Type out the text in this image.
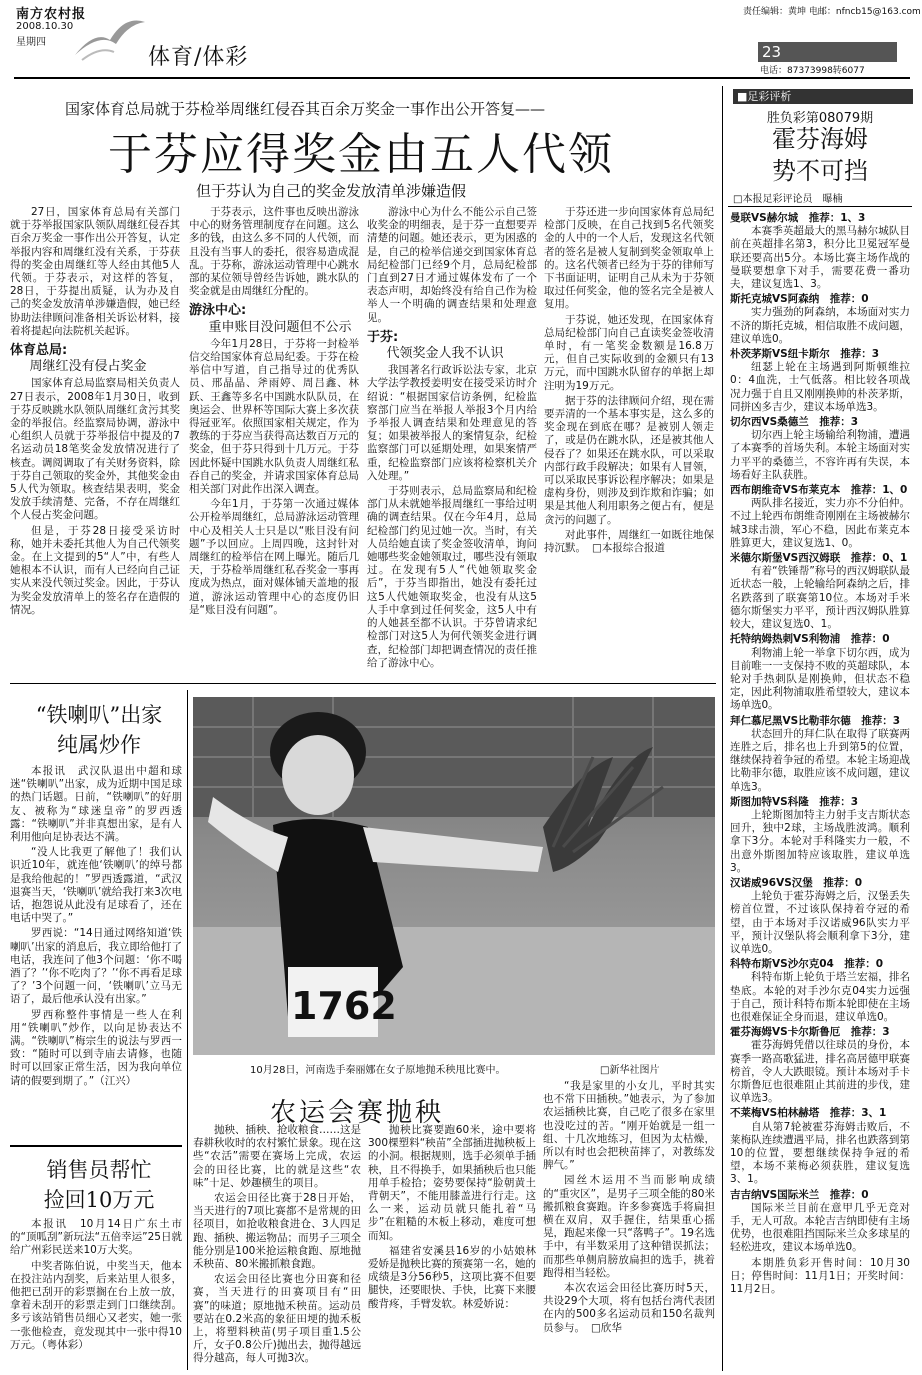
南方农村报
2008.10.30
星期四
体育/体彩
责任编辑：黄坤 电邮：nfncb15@163.com
23
电话：87373998转6077
国家体育总局就于芬检举周继红侵吞其百余万奖金一事作出公开答复——
于芬应得奖金由五人代领
但于芬认为自己的奖金发放清单涉嫌造假

27日，国家体育总局有关部门就于芬举报国家队领队周继红侵吞其百余万奖金一事作出公开答复，认定举报内容和周继红没有关系，于芬获得的奖金由周继红等人经由其他5人代领。于芬表示，对这样的答复，28日，于芬提出质疑，认为办及自己的奖金发放清单涉嫌造假，她已经协助法律顾问准备相关诉讼材料，接着将提起向法院机关起诉。

体育总局:
周继红没有侵占奖金

国家体育总局监察局相关负责人27日表示，2008年1月30日，收到于芬反映跳水队领队周继红贪污其奖金的举报信。经监察局协调，游泳中心组织人员就于芬举报信中提及的7名运动员18笔奖金发放情况进行了核查。调阅调取了有关财务资料，除于芬自己领取的奖金外，其他奖金由5人代为领取。核查结果表明，奖金发放手续清楚、完备，不存在周继红个人侵占奖金问题。

但是，于芬28日接受采访时称，她并未委托其他人为自己代领奖金。在上文提到的5“人”中，有些人她根本不认识，而有人已经向自己证实从来没代领过奖金。因此，于芬认为奖金发放清单上的签名存在造假的情况。

于芬表示，这件事也反映出游泳中心的财务管理制度存在问题。这么多的钱，由这么多不同的人代领，而且没有当事人的委托，很容易造成混乱。于芬称，游泳运动管理中心跳水部的某位领导曾经告诉她，跳水队的奖金就是由周继红分配的。

游泳中心:
重申账目没问题但不公示

今年1月28日，于芬将一封检举信交给国家体育总局纪委。于芬在检举信中写道，自己指导过的优秀队员、邢晶晶、斧雨婷、周吕鑫、林跃、王鑫等多名中国跳水队队员，在奥运会、世界杯等国际大赛上多次获得冠亚军。依照国家相关规定，作为教练的于芬应当获得高达数百万元的奖金，但于芬只得到十几万元。于芬因此怀疑中国跳水队负责人周继红私吞自己的奖金，并请求国家体育总局相关部门对此作出深入调查。

今年1月，于芬第一次通过媒体公开检举周继红，总局游泳运动管理中心及相关人士只是以“账目没有问题”予以回应。上周四晚，这封针对周继红的检举信在网上曝光。随后几天，于芬检举周继红私吞奖金一事再度成为热点，面对媒体铺天盖地的报道，游泳运动管理中心的态度仍旧是“账目没有问题”。

游泳中心为什么不能公示自己签收奖金的明细表，是于芬一直想要弄清楚的问题。她还表示，更为困惑的是，自己的检举信递交到国家体育总局纪检部门已经9个月，总局纪检部门直到27日才通过媒体发布了一个表态声明，却始终没有给自己作为检举人一个明确的调查结果和处理意见。

于芬:
代领奖金人我不认识

我国著名行政诉讼法专家，北京大学法学教授姜明安在接受采访时介绍说：“根据国家信访条例，纪检监察部门应当在举报人举报3个月内给予举报人调查结果和处理意见的答复；如果被举报人的案情复杂，纪检监察部门可以延期处理，如果案情严重，纪检监察部门应该将检察机关介入处理。”

于芬则表示，总局监察局和纪检部门从未就她举报周继红一事给过明确的调查结果。仅在今年4月，总局纪检部门约见过她一次。当时，有关人员给她直读了奖金签收清单，询问她哪些奖金她领取过，哪些没有领取过。在发现有5人“代她领取奖金后”，于芬当即指出，她没有委托过这5人代她领取奖金，也没有从这5人手中拿到过任何奖金，这5人中有的人她甚至都不认识。于芬曾请求纪检部门对这5人为何代领奖金进行调查，纪检部门却把调查情况的责任推给了游泳中心。

于芬还进一步向国家体育总局纪检部门反映，在自己找到5名代领奖金的人中的一个人后，发现这名代领者的签名是被人复制到奖金领取单上的。这名代领者已经为于芬的律师写下书面证明，证明自己从未为于芬领取过任何奖金，他的签名完全是被人复用。

于芬说，她还发现，在国家体育总局纪检部门向自己直读奖金签收清单时，有一笔奖金数额是16.8万元，但自己实际收到的金额只有13万元，而中国跳水队留存的单据上却注明为19万元。

据于芬的法律顾问介绍，现在需要弄清的一个基本事实是，这么多的奖金现在到底在哪？是被别人领走了，或是仍在跳水队，还是被其他人侵吞了？如果还在跳水队，可以采取内部行政手段解决；如果有人冒领，可以采取民事诉讼程序解决；如果是虚构身份，则涉及到诈欺和诈骗；如果是其他人利用职务之便占有，便是贪污的问题了。

对此事件，周继红一如既往地保持沉默。 □本报综合报道

“铁喇叭”出家
纯属炒作

本报讯　武汉队退出中超和球迷“铁喇叭”出家，成为近期中国足球的热门话题。日前，“铁喇叭”的好朋友、被称为“球迷皇帝”的罗西透露：“铁喇叭”并非真想出家，是有人利用他向足协表达不满。

“没人比我更了解他了！我们认识近10年，就连他‘铁喇叭’的绰号都是我给他起的！”罗西透露道，“武汉退赛当天，‘铁喇叭’就给我打来3次电话，抱怨说从此没有足球看了，还在电话中哭了。”

罗西说：“14日通过网络知道‘铁喇叭’出家的消息后，我立即给他打了电话，我连问了他3个问题：‘你不喝酒了？’‘你不吃肉了？’‘你不再看足球了？’3个问题一问，‘铁喇叭’立马无语了，最后他承认没有出家。”

罗西称整件事情是一些人在利用“铁喇叭”炒作，以向足协表达不满。“铁喇叭”梅宗生的说法与罗西一致：“随时可以到寺庙去请修，也随时可以回家正常生活，因为我向单位请的假要到期了。”（江兴）

销售员帮忙
捡回10万元

本报讯　10月14日广东土市的“顶呱刮”新玩法“五倍幸运”25日就给广州彩民送来10万大奖。

中奖者陈伯说，中奖当天，他本在投注站内刮奖，后来站里人很多，他把已刮开的彩票搁在台上放一放，拿着未刮开的彩票走到门口继续刮。多亏该站销售员细心又老实，她一张一张他检查，竟发现其中一张中得10万元。（粤体彩）

1762
10月28日，河南选手秦丽娜在女子原地抛禾秧甩比赛中。	□新华社图片
农运会赛抛秧

抛秧、插秧、抢收粮食……这是春耕秋收时的农村繁忙景象。现在这些“农活”需要在赛场上完成，农运会的田径比赛，比的就是这些“农味”十足、妙趣横生的项目。

农运会田径比赛于28日开始，当天进行的7项比赛都不是常规的田径项目，如抢收粮食进仓、3人四足跑、插秧、搬运物品；而男子三项全能分别是100米抢运粮食跑、原地抛禾秧苗、80米搬抓粮食跑。

农运会田径比赛也分田赛和径赛，当天进行的田赛项目有“田赛”的味道；原地抛禾秧苗。运动员要站在0.2米高的象征田埂的抛禾板上，将塑料秧苗(男子项目重1.5公斤，女子0.8公斤)抛出去，抛得越远得分越高，每人可抛3次。

抛秧比赛要跑60米，途中要将300棵塑料“秧苗”全部插进抛秧板上的小洞。根据规则，选手必须单手插秧，且不得换手，如果插秧后也只能用单手检拾；姿势要保持“脸朝黄土背朝天”，不能用膝盖进行行走。这么一来，运动员就只能扎着“马步”在粗糙的木板上移动，难度可想而知。

福建省安溪县16岁的小姑娘林爱娇是抛秧比赛的预赛第一名，她的成绩是3分56秒5，这项比赛不但要腿快，还要眼快、手快，比赛下来腰酸背疼，手臂发软。林爱娇说：

“我是家里的小女儿，平时其实也不常下田插秧。”她表示，为了参加农运插秧比赛，自己吃了很多在家里也没吃过的苦。“刚开始就是一组一组、十几次地练习，但因为太枯燥，所以有时也会把秧苗摔了，对教练发脾气。”

园丝木运用不当而影响成绩的“重灾区”，是男子三项全能的80米搬抓粮食赛跑。许多参赛选手将扁担横在双肩，双手握住，结果重心摇晃，跑起来像一只“落鸭子”。19名选手中，有半数采用了这种错误抓法；而那些单侧肩膀放扁担的选手，挑着跑得相当轻松。

本次农运会田径比赛历时5天，共设29个大项，将有包括台湾代表团在内的500多名运动员和150名裁判员参与。 □欣华

■足彩评析
胜负彩第08079期
霍芬海姆
势不可挡
□本报足彩评论员　曝楠
曼联VS赫尔城　推荐：1、3

本赛季英超最大的黑马赫尔城队目前在英超排名第3，积分比卫冕冠军曼联还要高出5分。本场比赛主场作战的曼联要想拿下对手，需要花费一番功夫，建议复选1、3。

斯托克城VS阿森纳　推荐：0

实力强劲的阿森纳，本场面对实力不济的斯托克城，相信取胜不成问题，建议单选0。

朴茨茅斯VS纽卡斯尔　推荐：3

纽瑟上轮在主场遇到阿斯顿维拉0：4血洗，士气低落。相比较各项战况力强于自且又刚刚换帅的朴茨茅斯，同拼凶多吉少，建议本场单选3。

切尔西VS桑德兰　推荐：3

切尔西上轮主场输给利物浦，遭遇了本赛季的首场失利。本轮主场面对实力平平的桑德兰，不容许再有失误，本场看好主队获胜。

西布朗维奇VS布莱克本　推荐：1、0

两队排名接近，实力亦不分伯仲。不过上轮西布朗维奇刚刚在主场被赫尔城3球击溃，军心不稳，因此布莱克本胜算更大，建议复选1、0。

米德尔斯堡VS西汉姆联　推荐：0、1

有着“铁锤帮”称号的西汉姆联队最近状态一般，上轮输给阿森纳之后，排名跌落到了联赛第10位。本场对手米德尔斯堡实力平平，预计西汉姆队胜算较大，建议复选0、1。

托特纳姆热刺VS利物浦　推荐：0

利物浦上轮一举拿下切尔西，成为目前唯一一支保持不败的英超球队，本轮对手热刺队是刚换帅，但状态不稳定，因此利物浦取胜希望较大，建议本场单选0。

拜仁慕尼黑VS比勒菲尔德　推荐：3

状态回升的拜仁队在取得了联赛两连胜之后，排名也上升到第5的位置，继续保持着争冠的希望。本轮主场迎战比勒菲尔德，取胜应该不成问题，建议单选3。

斯图加特VS科隆　推荐：3

上轮斯图加特主力射手支吉斯状态回升，独中2球，主场战胜波鸿。顺利拿下3分。本轮对手科隆实力一般，不出意外斯图加特应该取胜，建议单选3。

汉诺威96VS汉堡　推荐：0

上轮负于霍芬海姆之后，汉堡丢失榜首位置，不过该队保持着夺冠的希望，由于本场对手汉诺威96队实力平平，预计汉堡队将会顺利拿下3分，建议单选0。

科特布斯VS沙尔克04　推荐：0

科特布斯上轮负于塔兰宏福，排名垫底。本轮的对手沙尔克04实力远强于自己，预计科特布斯本轮即使在主场也很难保证全身而退，建议单选0。

霍芬海姆VS卡尔斯鲁厄　推荐：3

霍芬海姆凭借以往球员的身份，本赛季一路高歌猛进，排名高居德甲联赛榜首，令人大跌眼镜。预计本场对手卡尔斯鲁厄也很难阻止其前进的步伐，建议单选3。

不莱梅VS柏林赫塔　推荐：3、1

自从第7轮被霍芬海姆击败后，不莱梅队连续遭遇平局，排名也跌落到第10的位置，要想继续保持争冠的希望，本场不莱梅必须获胜，建议复选3、1。

吉吉纳VS国际米兰　推荐：0

国际米兰目前在意甲几乎无竞对手，无人可敌。本轮吉吉纳即使有主场优势，也很难阻挡国际米兰众多球星的轻松进攻，建议本场单选0。

本期胜负彩开售时间：10月30日；停售时间：11月1日；开奖时间：11月2日。
